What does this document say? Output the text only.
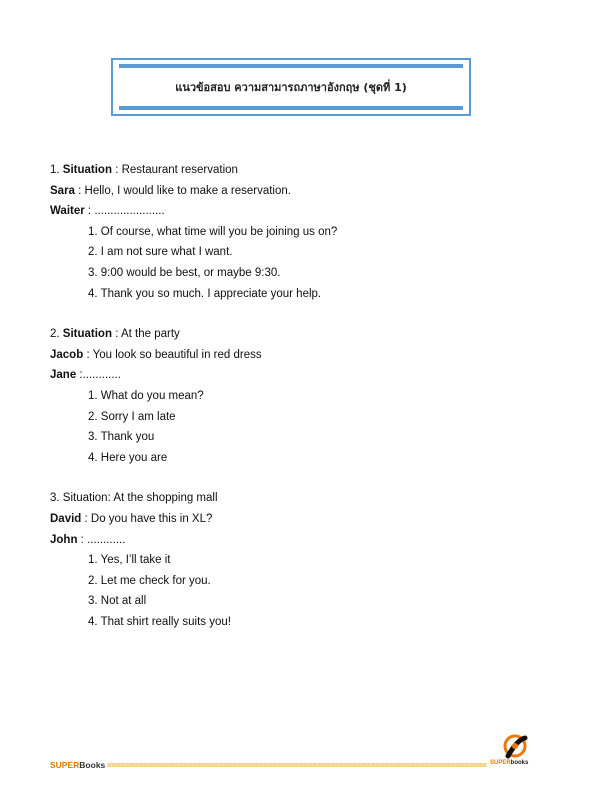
แนวข้อสอบ ความสามารถภาษาอังกฤษ (ชุดที่ 1)
1. Situation : Restaurant reservation
Sara : Hello, I would like to make a reservation.
Waiter : ......................
1. Of course, what time will you be joining us on?
2. I am not sure what I want.
3. 9:00 would be best, or maybe 9:30.
4. Thank you so much. I appreciate your help.
2. Situation : At the party
Jacob : You look so beautiful in red dress
Jane :............
1. What do you mean?
2. Sorry I am late
3. Thank you
4. Here you are
3. Situation: At the shopping mall
David : Do you have this in XL?
John : ............
1. Yes, I’ll take it
2. Let me check for you.
3. Not at all
4. That shirt really suits you!
SUPERBooks ===================================================================================== SUPERbooks
